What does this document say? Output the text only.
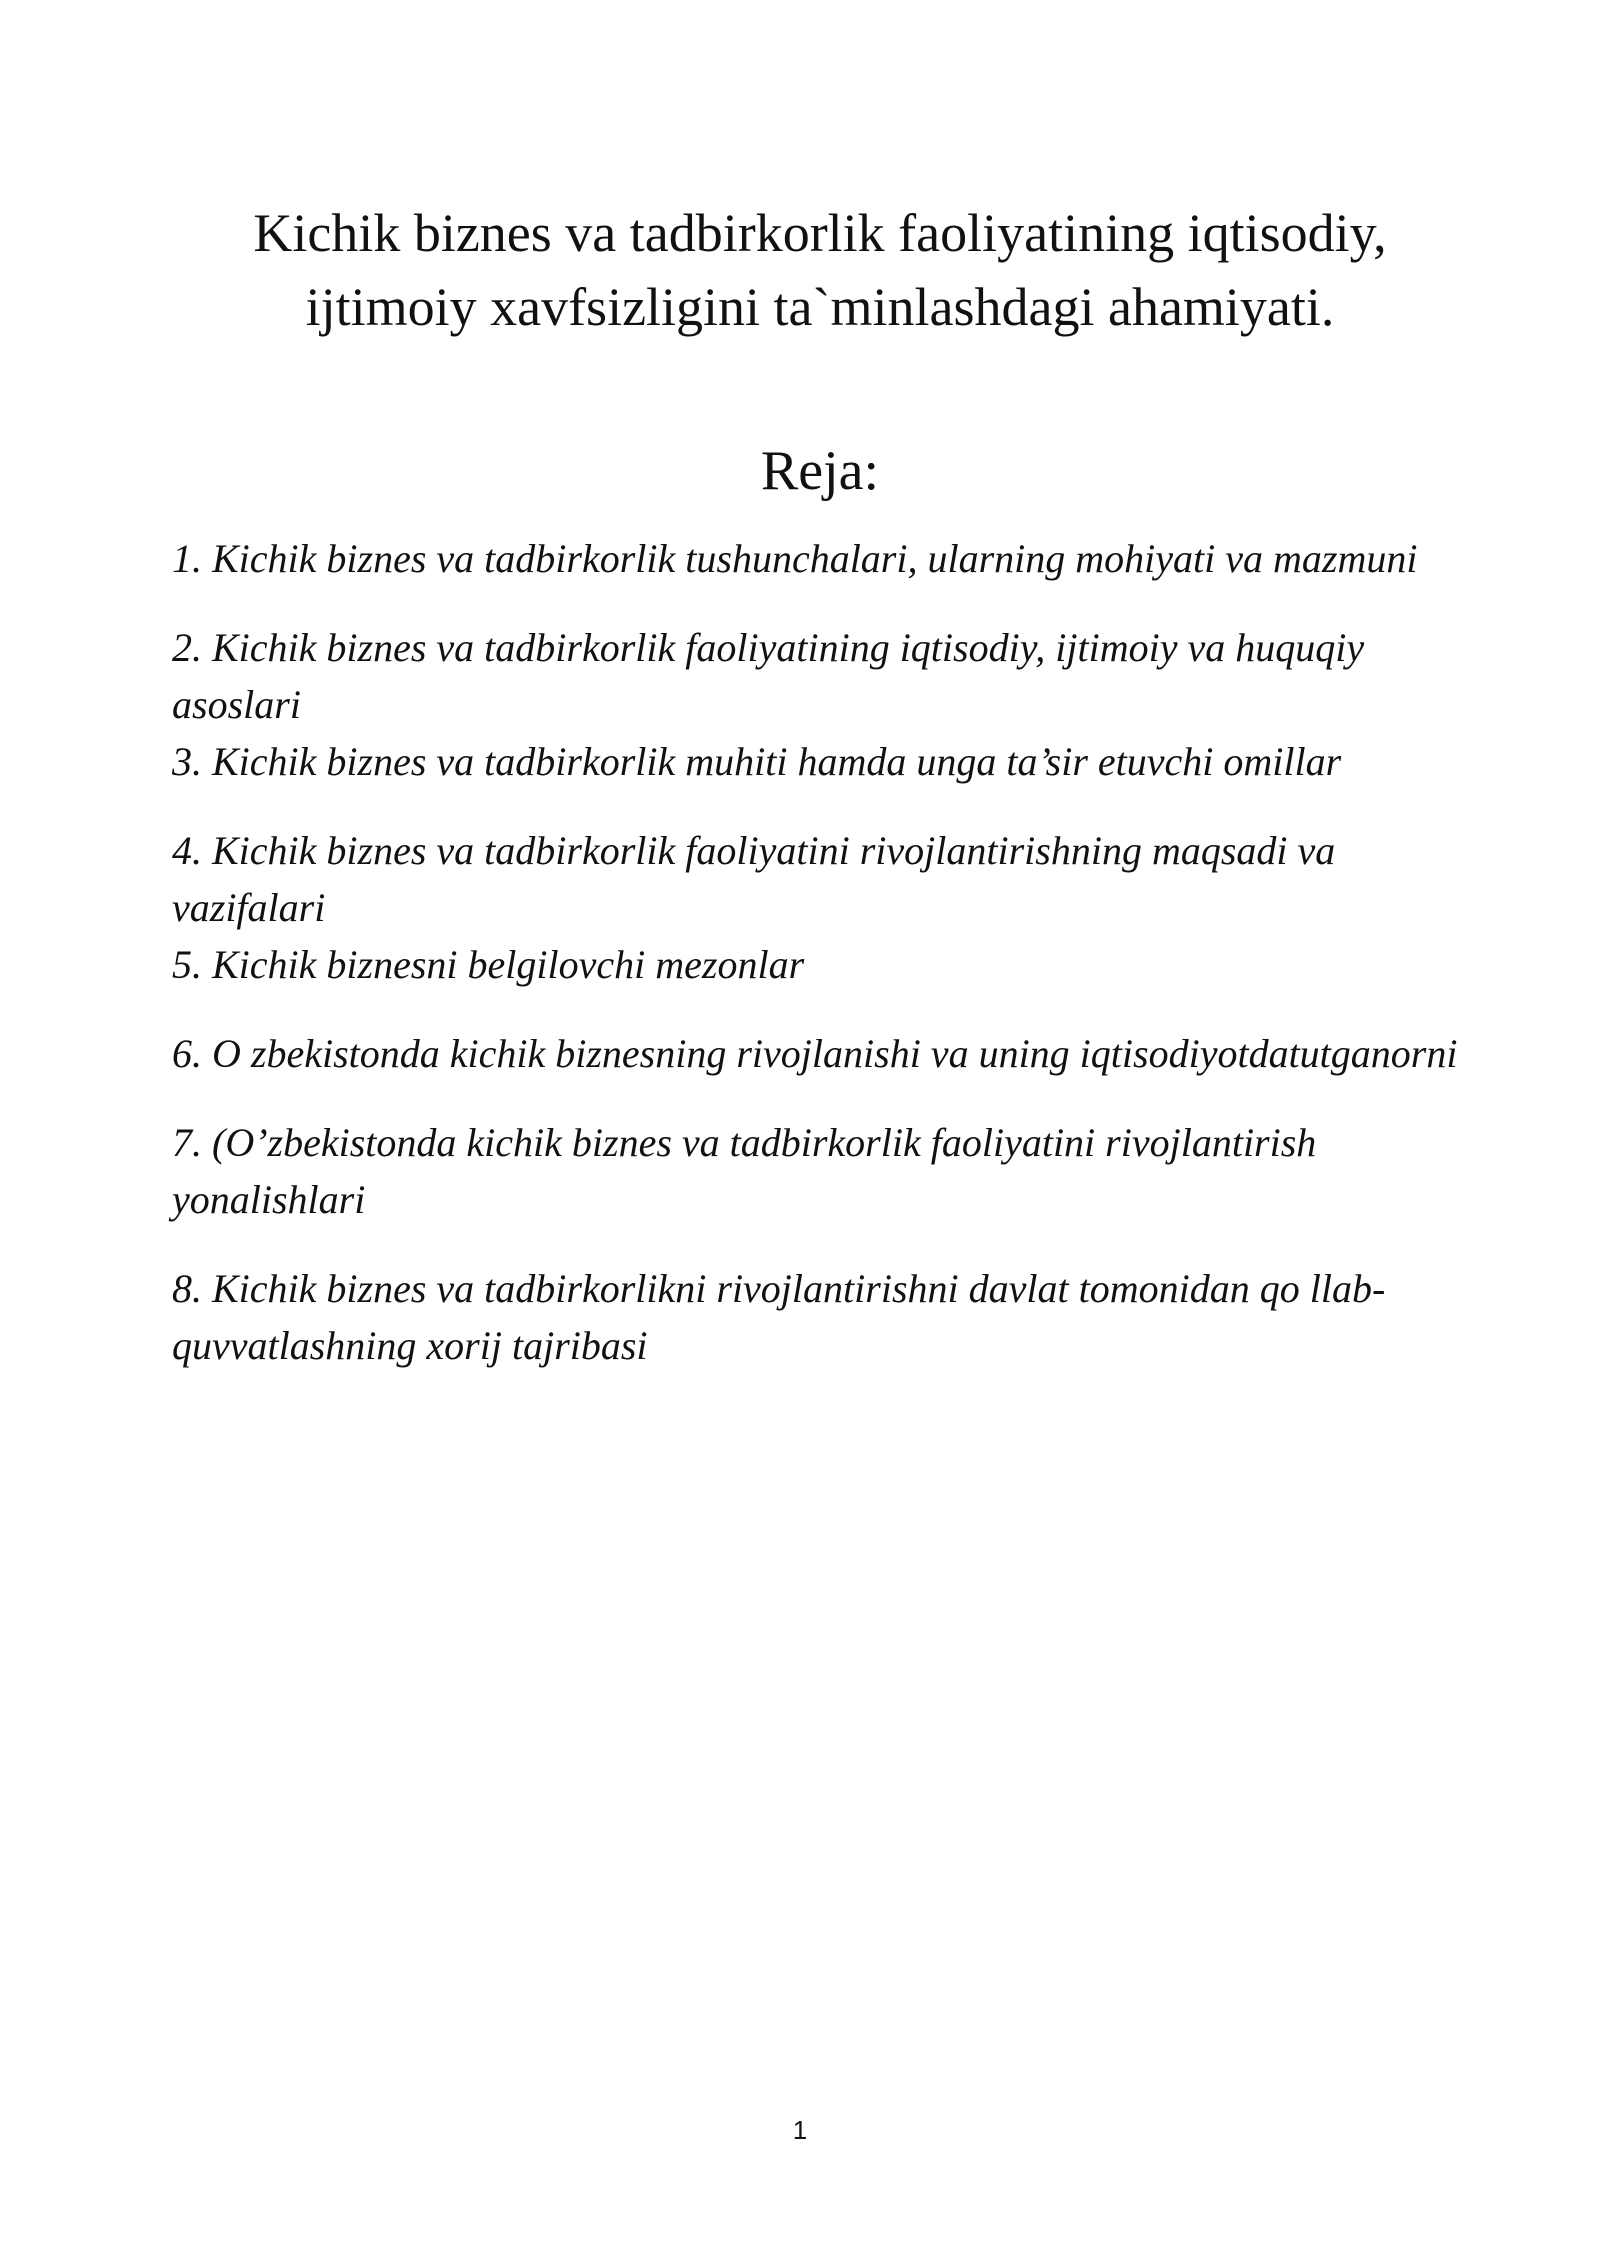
Kichik biznes va tadbirkorlik faoliyatining iqtisodiy,
ijtimoiy xavfsizligini ta`minlashdagi ahamiyati.
Reja:
1. Kichik biznes va tadbirkorlik tushunchalari, ularning mohiyati va mazmuni
2. Kichik biznes va tadbirkorlik faoliyatining iqtisodiy, ijtimoiy va huquqiy asoslari
3. Kichik biznes va tadbirkorlik muhiti hamda unga ta’sir etuvchi omillar
4. Kichik biznes va tadbirkorlik faoliyatini rivojlantirishning maqsadi va vazifalari
5. Kichik biznesni belgilovchi mezonlar
6. O zbekistonda kichik biznesning rivojlanishi va uning iqtisodiyotdatutganorni
7. (O’zbekistonda kichik biznes va tadbirkorlik faoliyatini rivojlantirish yonalishlari
8. Kichik biznes va tadbirkorlikni rivojlantirishni davlat tomonidan qo llab-quvvatlashning xorij tajribasi
1
